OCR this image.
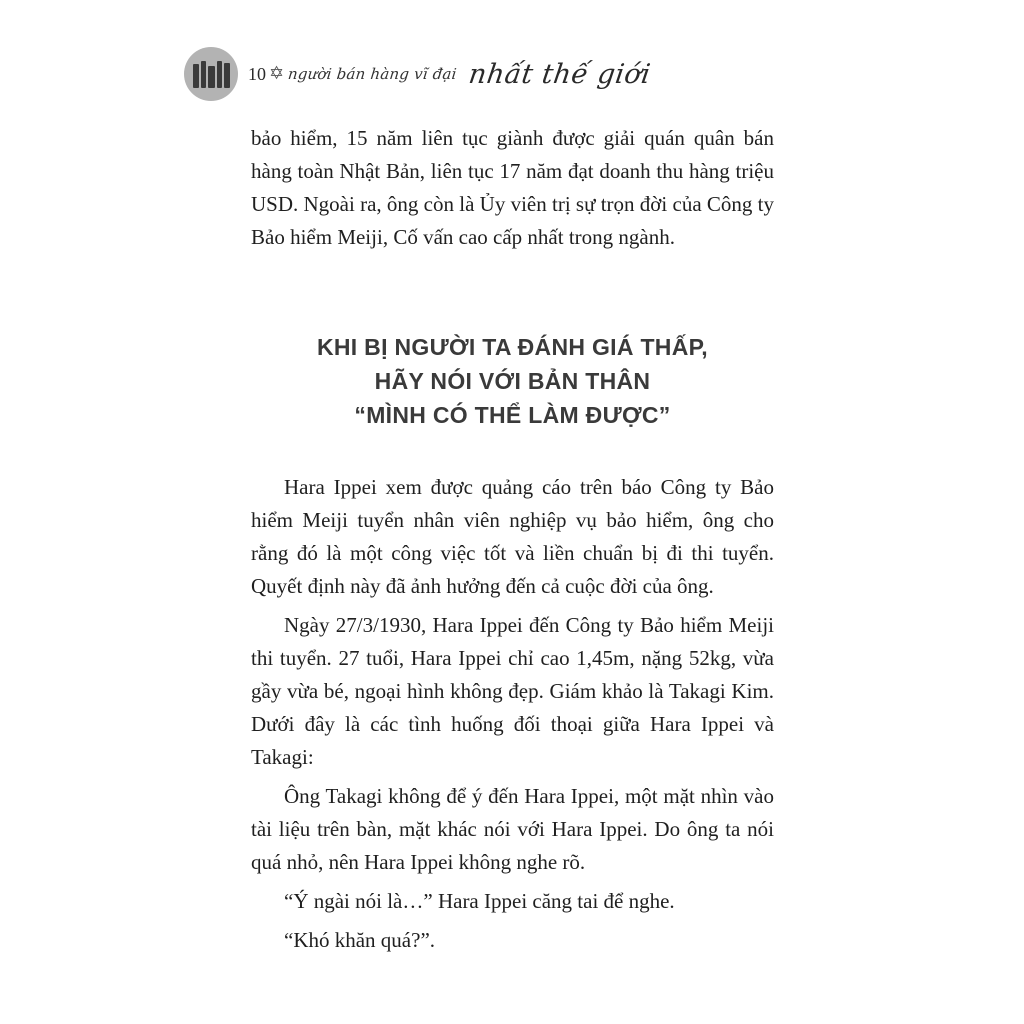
10 ✡ người bán hàng vĩ đại nhất thế giới

bảo hiểm, 15 năm liên tục giành được giải quán quân bán hàng toàn Nhật Bản, liên tục 17 năm đạt doanh thu hàng triệu USD. Ngoài ra, ông còn là Ủy viên trị sự trọn đời của Công ty Bảo hiểm Meiji, Cố vấn cao cấp nhất trong ngành.

KHI BỊ NGƯỜI TA ĐÁNH GIÁ THẤP,
HÃY NÓI VỚI BẢN THÂN
“MÌNH CÓ THỂ LÀM ĐƯỢC”

Hara Ippei xem được quảng cáo trên báo Công ty Bảo hiểm Meiji tuyển nhân viên nghiệp vụ bảo hiểm, ông cho rằng đó là một công việc tốt và liền chuẩn bị đi thi tuyển. Quyết định này đã ảnh hưởng đến cả cuộc đời của ông.

Ngày 27/3/1930, Hara Ippei đến Công ty Bảo hiểm Meiji thi tuyển. 27 tuổi, Hara Ippei chỉ cao 1,45m, nặng 52kg, vừa gầy vừa bé, ngoại hình không đẹp. Giám khảo là Takagi Kim. Dưới đây là các tình huống đối thoại giữa Hara Ippei và Takagi:

Ông Takagi không để ý đến Hara Ippei, một mặt nhìn vào tài liệu trên bàn, mặt khác nói với Hara Ippei. Do ông ta nói quá nhỏ, nên Hara Ippei không nghe rõ.

“Ý ngài nói là…” Hara Ippei căng tai để nghe.

“Khó khăn quá?”.
